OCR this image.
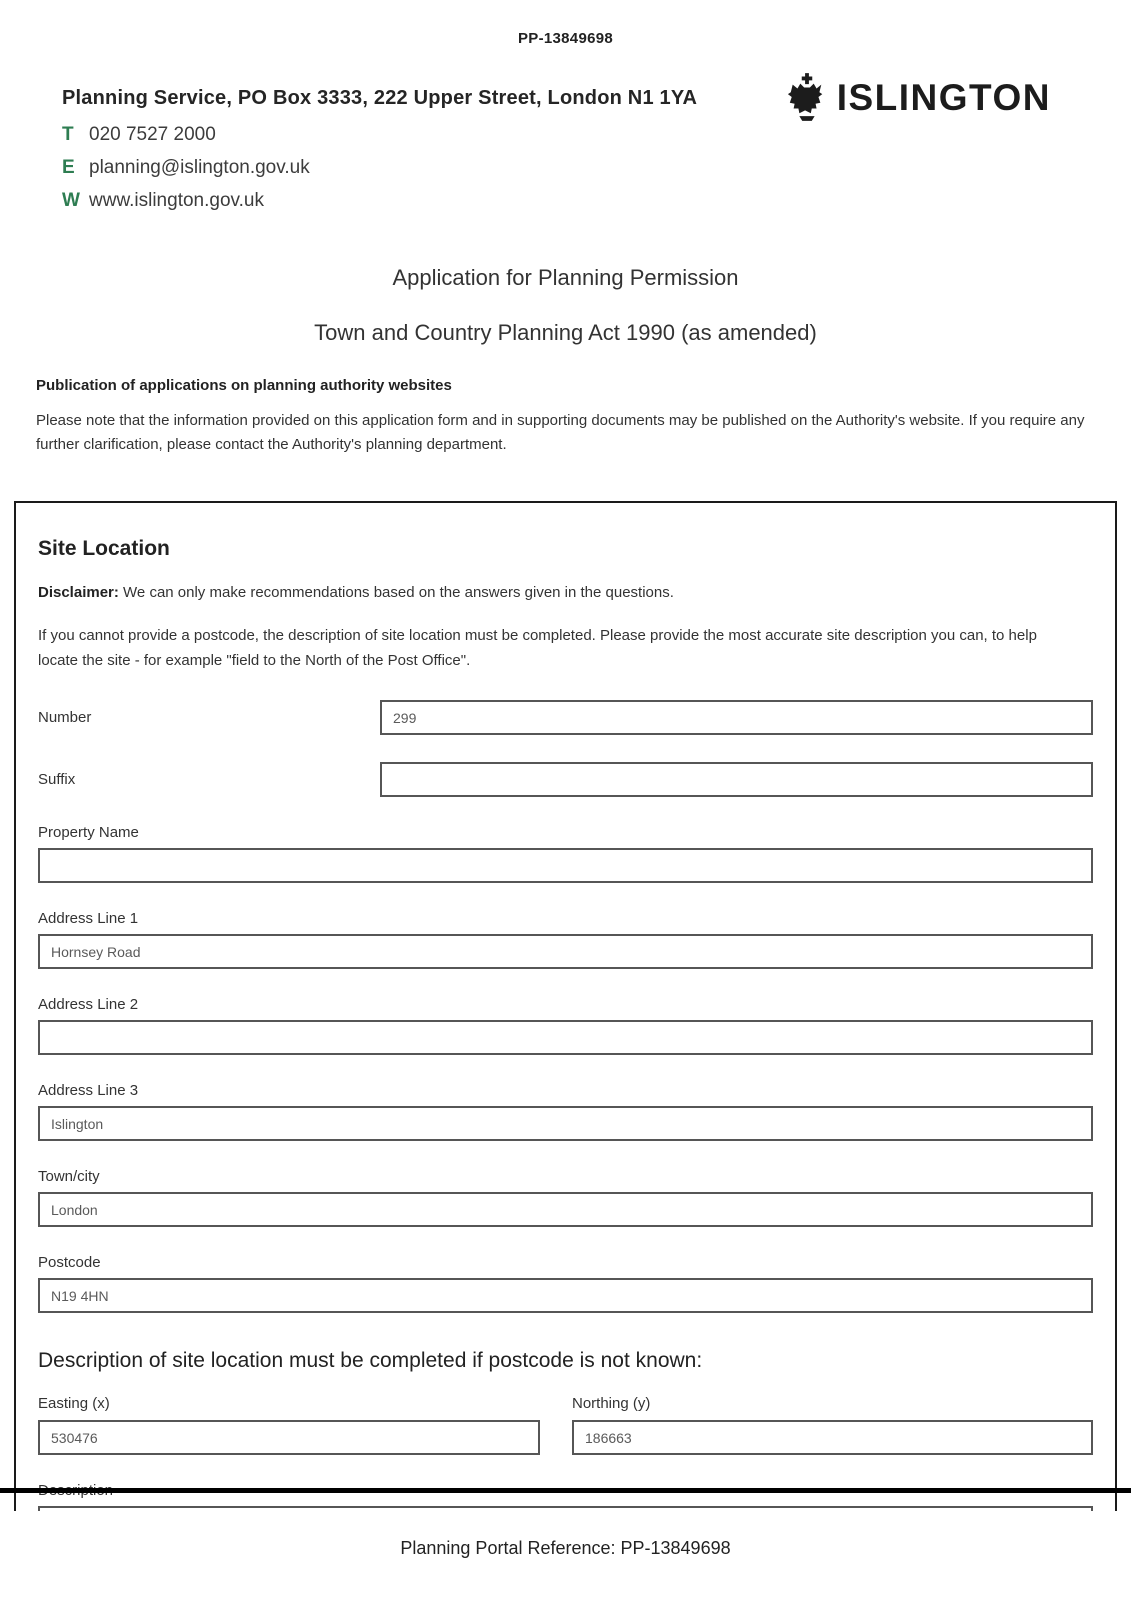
PP-13849698
Planning Service, PO Box 3333, 222 Upper Street, London N1 1YA
T 020 7527 2000
E planning@islington.gov.uk
W www.islington.gov.uk
ISLINGTON
Application for Planning Permission
Town and Country Planning Act 1990 (as amended)
Publication of applications on planning authority websites

Please note that the information provided on this application form and in supporting documents may be published on the Authority's website. If you require any further clarification, please contact the Authority's planning department.

Site Location

Disclaimer: We can only make recommendations based on the answers given in the questions.

If you cannot provide a postcode, the description of site location must be completed. Please provide the most accurate site description you can, to help locate the site - for example "field to the North of the Post Office".

Number
299
Suffix
Property Name
Address Line 1
Hornsey Road
Address Line 2
Address Line 3
Islington
Town/city
London
Postcode
N19 4HN
Description of site location must be completed if postcode is not known:
Easting (x)
530476	Northing (y)
186663
Planning Portal Reference: PP-13849698
